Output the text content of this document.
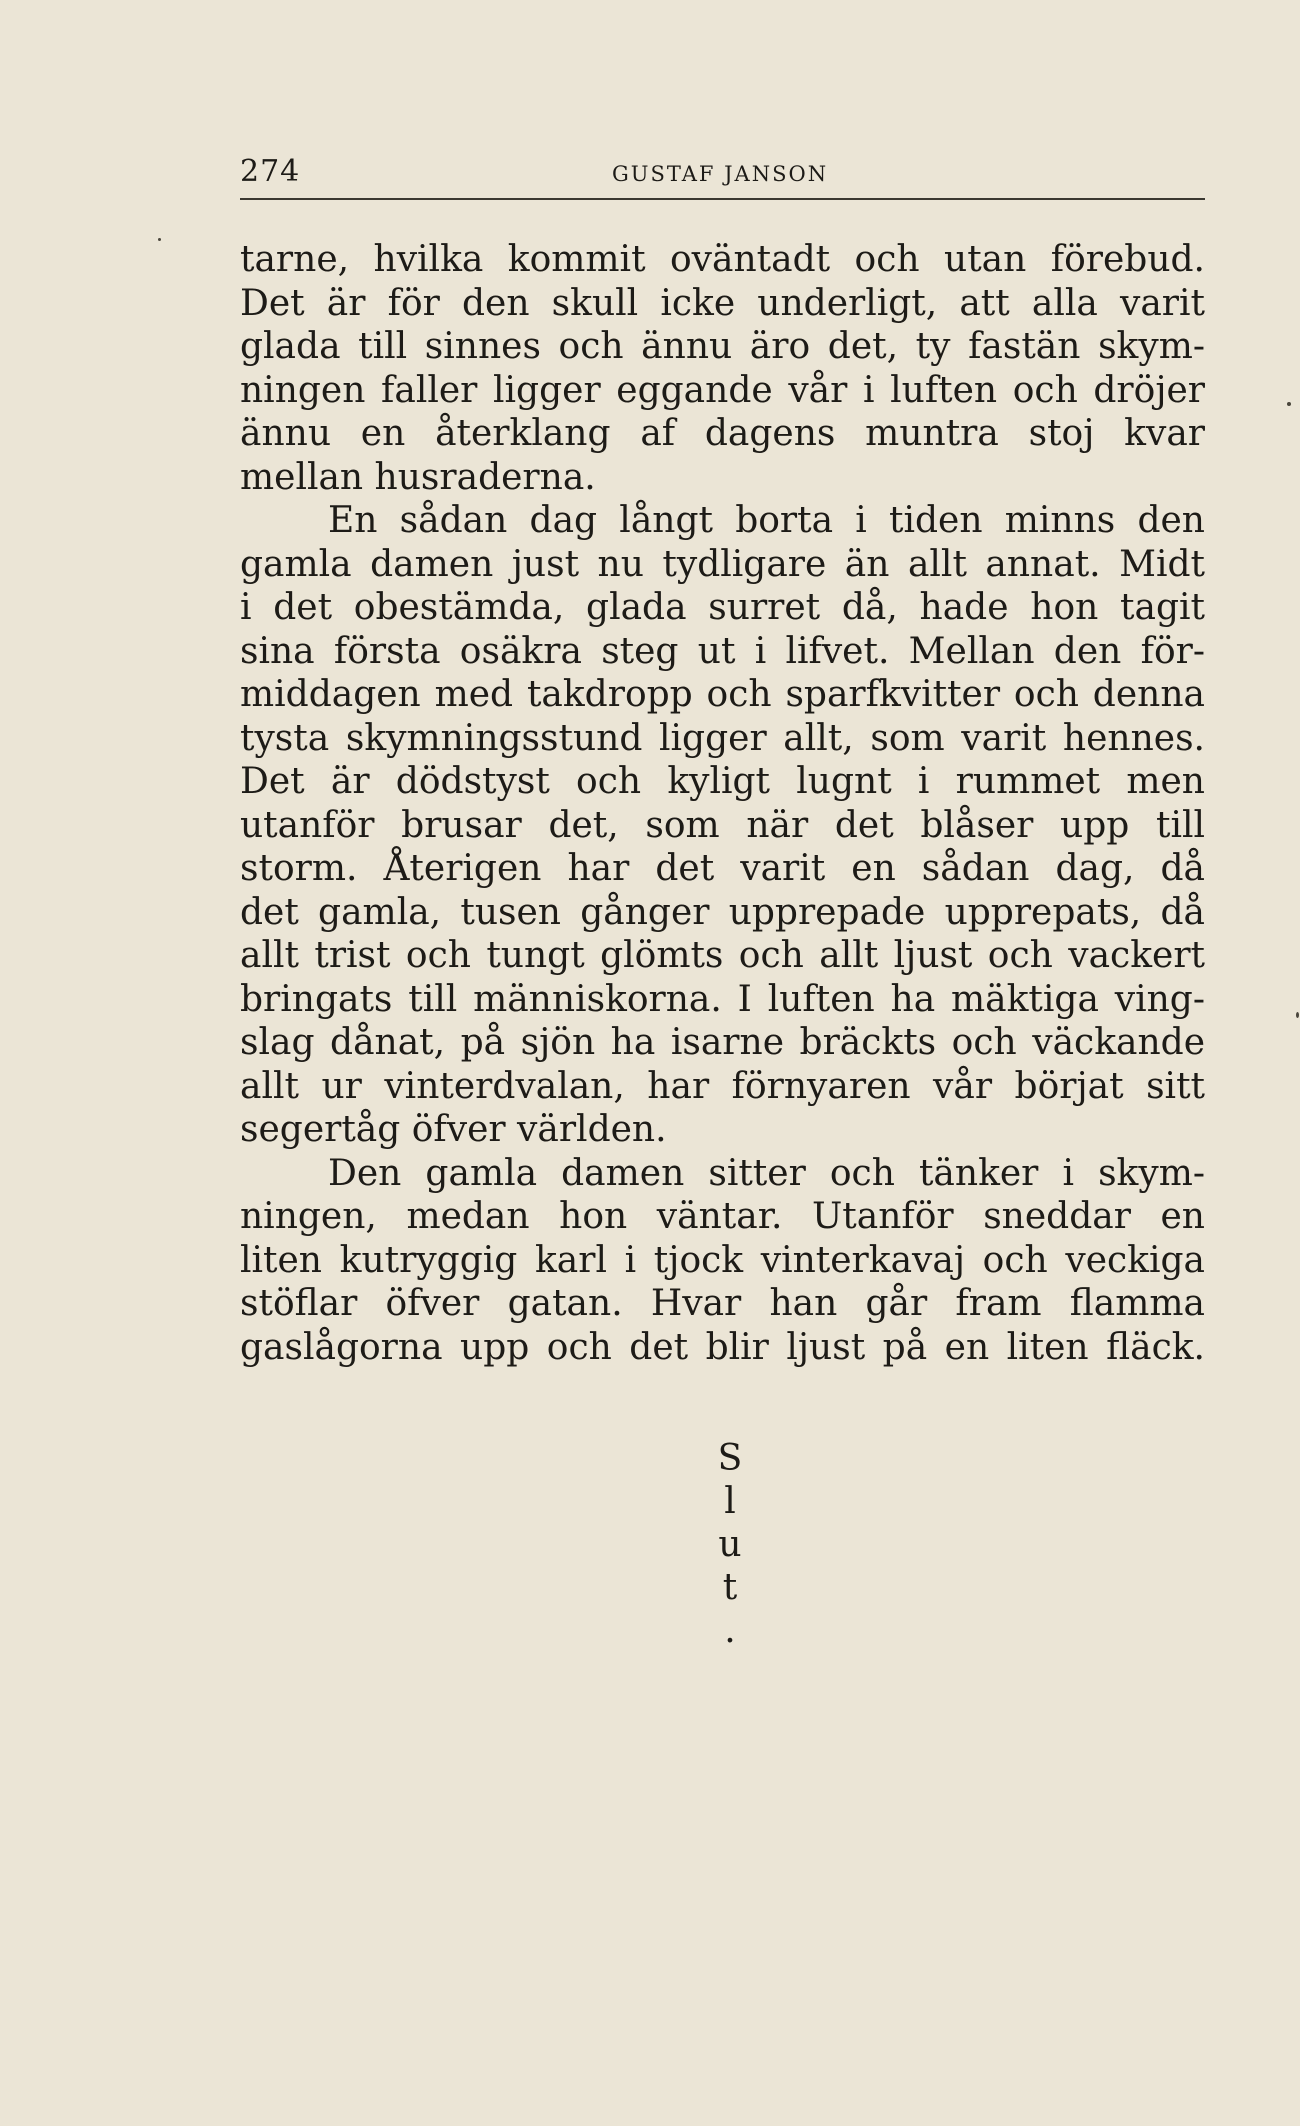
274	GUSTAF JANSON
tarne, hvilka kommit oväntadt och utan förebud.
Det är för den skull icke underligt, att alla varit
glada till sinnes och ännu äro det, ty fastän skym-
ningen faller ligger eggande vår i luften och dröjer
ännu en återklang af dagens muntra stoj kvar
mellan husraderna.
En sådan dag långt borta i tiden minns den
gamla damen just nu tydligare än allt annat. Midt
i det obestämda, glada surret då, hade hon tagit
sina första osäkra steg ut i lifvet. Mellan den för-
middagen med takdropp och sparfkvitter och denna
tysta skymningsstund ligger allt, som varit hennes.
Det är dödstyst och kyligt lugnt i rummet men
utanför brusar det, som när det blåser upp till
storm. Återigen har det varit en sådan dag, då
det gamla, tusen gånger upprepade upprepats, då
allt trist och tungt glömts och allt ljust och vackert
bringats till människorna. I luften ha mäktiga ving-
slag dånat, på sjön ha isarne bräckts och väckande
allt ur vinterdvalan, har förnyaren vår börjat sitt
segertåg öfver världen.
Den gamla damen sitter och tänker i skym-
ningen, medan hon väntar. Utanför sneddar en
liten kutryggig karl i tjock vinterkavaj och veckiga
stöflar öfver gatan. Hvar han går fram flamma
gaslågorna upp och det blir ljust på en liten fläck.
S
l
u
t
.
